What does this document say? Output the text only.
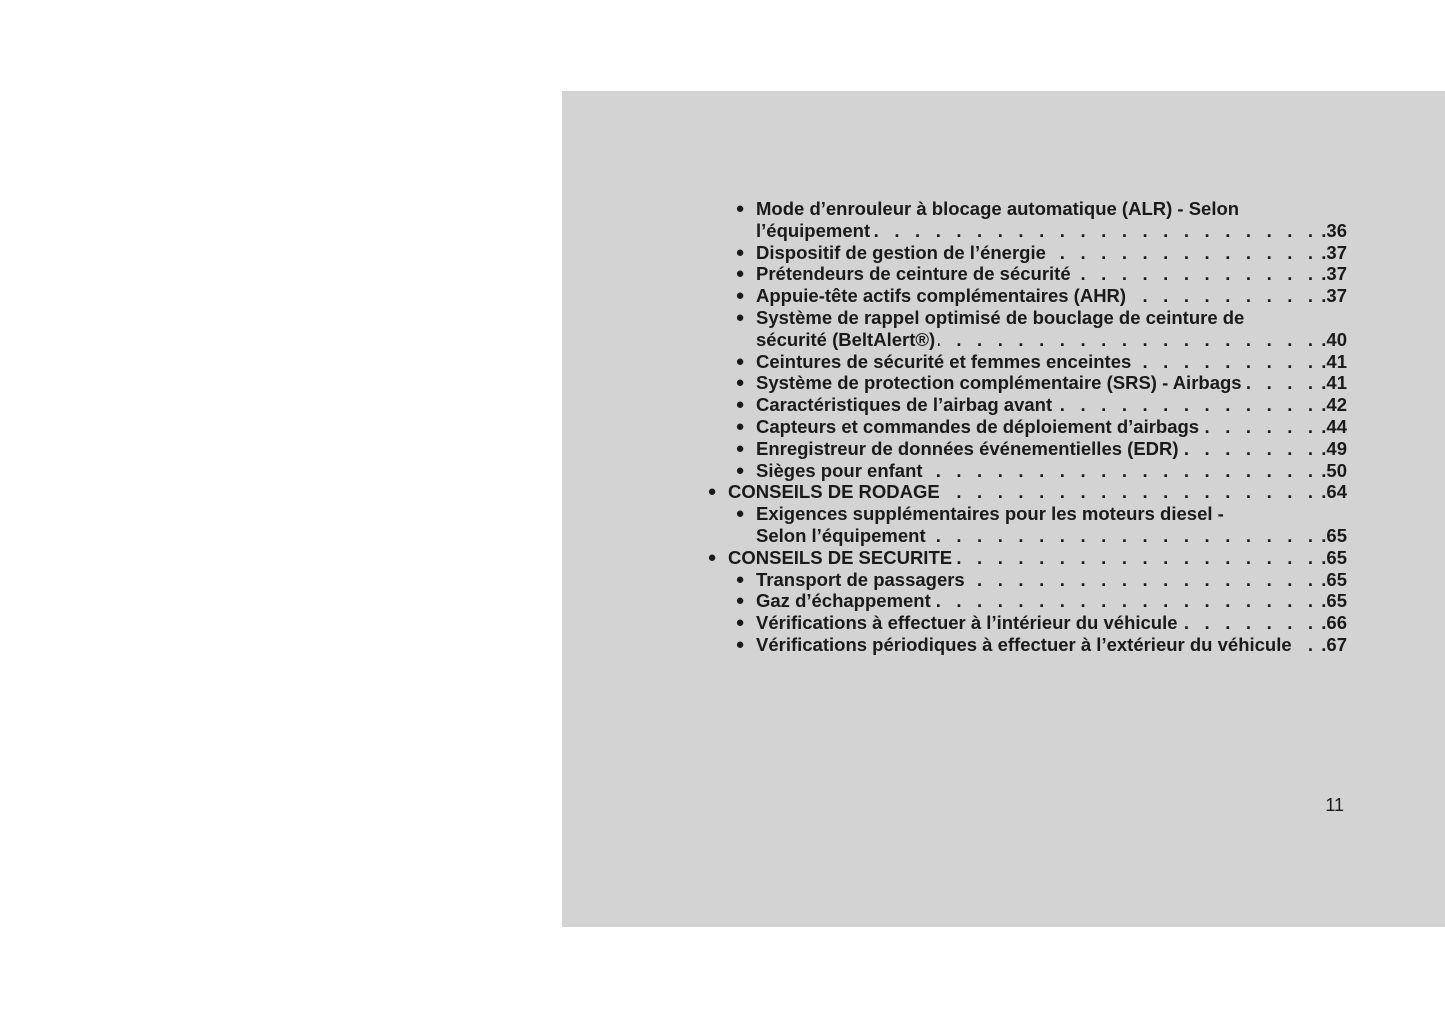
● Mode d’enrouleur à blocage automatique (ALR) - Selon
l’équipement . . .	.36
● Dispositif de gestion de l’énergie . . .	.37
● Prétendeurs de ceinture de sécurité . . .	.37
● Appuie-tête actifs complémentaires (AHR) . . .	.37
● Système de rappel optimisé de bouclage de ceinture de
sécurité (BeltAlert®) . . .	.40
● Ceintures de sécurité et femmes enceintes . . .	.41
● Système de protection complémentaire (SRS) - Airbags . . .	.41
● Caractéristiques de l’airbag avant . . .	.42
● Capteurs et commandes de déploiement d’airbags . . .	.44
● Enregistreur de données événementielles (EDR) . . .	.49
● Sièges pour enfant . . .	.50
● CONSEILS DE RODAGE . . .	.64
● Exigences supplémentaires pour les moteurs diesel -
Selon l’équipement . . .	.65
● CONSEILS DE SECURITE . . .	.65
● Transport de passagers . . .	.65
● Gaz d’échappement . . .	.65
● Vérifications à effectuer à l’intérieur du véhicule . . .	.66
● Vérifications périodiques à effectuer à l’extérieur du véhicule . . . .67
11
